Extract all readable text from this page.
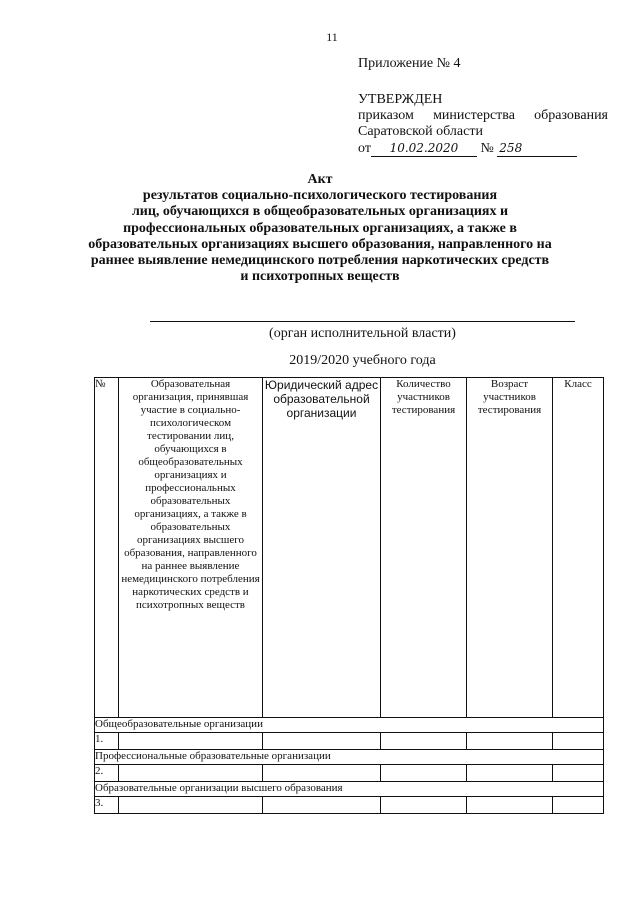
11
Приложение № 4
УТВЕРЖДЕН
приказом министерства образования
Саратовской области
от 10.02.2020 № 258
Акт
результатов социально-психологического тестирования
лиц, обучающихся в общеобразовательных организациях и
профессиональных образовательных организациях, а также в
образовательных организациях высшего образования, направленного на
раннее выявление немедицинского потребления наркотических средств
и психотропных веществ
(орган исполнительной власти)
2019/2020 учебного года
№	Образовательная организация, принявшая участие в социально-психологическом тестировании лиц, обучающихся в общеобразовательных организациях и профессиональных образовательных организациях, а также в образовательных организациях высшего образования, направленного на раннее выявление немедицинского потребления наркотических средств и психотропных веществ	Юридический адрес образовательной организации	Количество участников тестирования	Возраст участников тестирования	Класс
Общеобразовательные организации					
1.					
Профессиональные образовательные организации					
2.					
Образовательные организации высшего образования					
3.					
